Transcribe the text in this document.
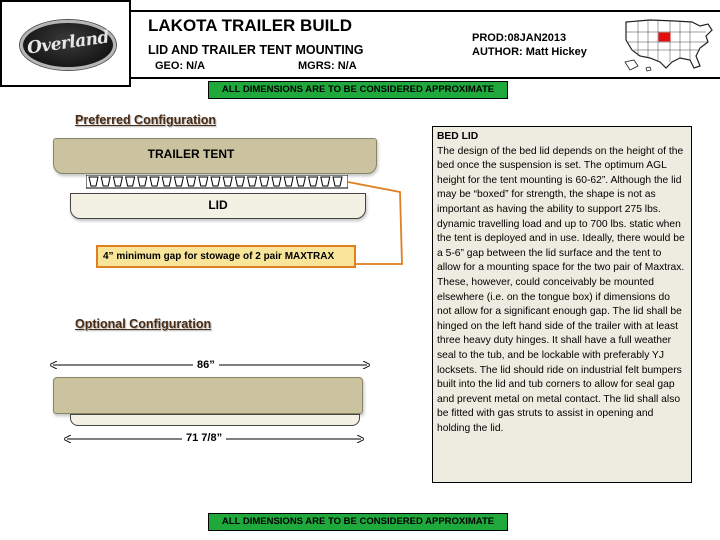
Overland
LAKOTA TRAILER BUILD
LID AND TRAILER TENT MOUNTING
GEO: N/A	MGRS: N/A
PROD:08JAN2013
AUTHOR: Matt Hickey
ALL DIMENSIONS ARE TO BE CONSIDERED APPROXIMATE
ALL DIMENSIONS ARE TO BE CONSIDERED APPROXIMATE
Preferred Configuration
TRAILER TENT
LID
4” minimum gap for stowage of 2 pair MAXTRAX
Optional Configuration
86”
71 7/8”
BED LID
The design of the bed lid depends on the height of the bed once the suspension is set. The optimum AGL height for the tent mounting is 60-62”. Although the lid may be “boxed” for strength, the shape is not as important as having the ability to support 275 lbs. dynamic travelling load and up to 700 lbs. static when the tent is deployed and in use. Ideally, there would be a 5-6” gap between the lid surface and the tent to allow for a mounting space for the two pair of Maxtrax. These, however, could conceivably be mounted elsewhere (i.e. on the tongue box) if dimensions do not allow for a significant enough gap. The lid shall be hinged on the left hand side of the trailer with at least three heavy duty hinges. It shall have a full weather seal to the tub, and be lockable with preferably YJ locksets. The lid should ride on industrial felt bumpers built into the lid and tub corners to allow for seal gap and prevent metal on metal contact. The lid shall also be fitted with gas struts to assist in opening and holding the lid.
